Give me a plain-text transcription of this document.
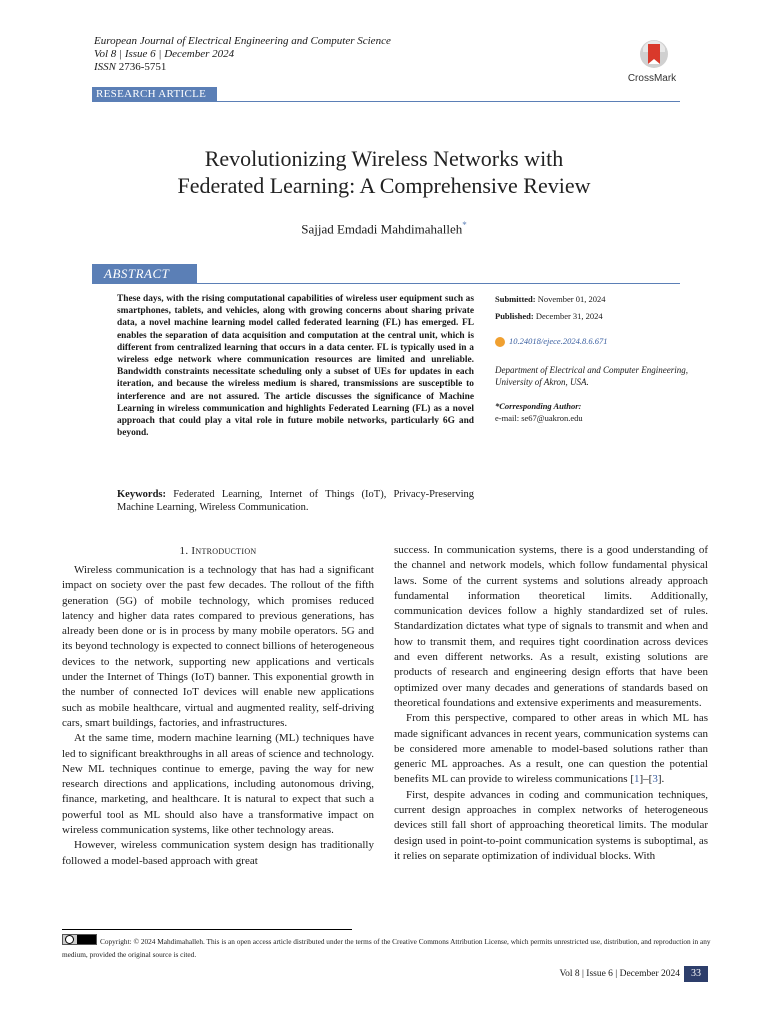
European Journal of Electrical Engineering and Computer Science
Vol 8 | Issue 6 | December 2024
ISSN 2736-5751
CrossMark
RESEARCH ARTICLE
Revolutionizing Wireless Networks with
Federated Learning: A Comprehensive Review
Sajjad Emdadi Mahdimahalleh*
ABSTRACT
These days, with the rising computational capabilities of wireless user equipment such as smartphones, tablets, and vehicles, along with growing concerns about sharing private data, a novel machine learning model called federated learning (FL) has emerged. FL enables the separation of data acquisition and computation at the central unit, which is different from centralized learning that occurs in a data center. FL is typically used in a wireless edge network where communication resources are limited and unreliable. Bandwidth constraints necessitate scheduling only a subset of UEs for updates in each iteration, and because the wireless medium is shared, transmissions are susceptible to interference and are not assured. The article discusses the significance of Machine Learning in wireless communication and highlights Federated Learning (FL) as a novel approach that could play a vital role in future mobile networks, particularly 6G and beyond.
Submitted: November 01, 2024
Published: December 31, 2024
10.24018/ejece.2024.8.6.671
Department of Electrical and Computer Engineering, University of Akron, USA.
*Corresponding Author:
e-mail: se67@uakron.edu
Keywords: Federated Learning, Internet of Things (IoT), Privacy-Preserving Machine Learning, Wireless Communication.
1. Introduction

Wireless communication is a technology that has had a significant impact on society over the past few decades. The rollout of the fifth generation (5G) of mobile technology, which promises reduced latency and higher data rates compared to previous generations, has already been done or is in process by many mobile operators. 5G and its beyond technology is expected to connect billions of heterogeneous devices to the network, supporting new applications and verticals under the Internet of Things (IoT) banner. This exponential growth in the number of connected IoT devices will enable new applications such as mobile healthcare, virtual and augmented reality, self-driving cars, smart buildings, factories, and infrastructures.

At the same time, modern machine learning (ML) techniques have led to significant breakthroughs in all areas of science and technology. New ML techniques continue to emerge, paving the way for new research directions and applications, including autonomous driving, finance, marketing, and healthcare. It is natural to expect that such a powerful tool as ML should also have a transformative impact on wireless communication systems, like other technology areas.

However, wireless communication system design has traditionally followed a model-based approach with great

success. In communication systems, there is a good understanding of the channel and network models, which follow fundamental physical laws. Some of the current systems and solutions already approach fundamental information theoretical limits. Additionally, communication devices follow a highly standardized set of rules. Standardization dictates what type of signals to transmit and when and how to transmit them, and requires tight coordination across devices and even different networks. As a result, existing solutions are products of research and engineering design efforts that have been optimized over many decades and generations of standards based on theoretical foundations and extensive experiments and measurements.

From this perspective, compared to other areas in which ML has made significant advances in recent years, communication systems can be considered more amenable to model-based solutions rather than generic ML approaches. As a result, one can question the potential benefits ML can provide to wireless communications [1]–[3].

First, despite advances in coding and communication techniques, current design approaches in complex networks of heterogeneous devices still fall short of approaching theoretical limits. The modular design used in point-to-point communication systems is suboptimal, as it relies on separate optimization of individual blocks. With

Copyright: © 2024 Mahdimahalleh. This is an open access article distributed under the terms of the Creative Commons Attribution License, which permits unrestricted use, distribution, and reproduction in any medium, provided the original source is cited.
Vol 8 | Issue 6 | December 2024	33
